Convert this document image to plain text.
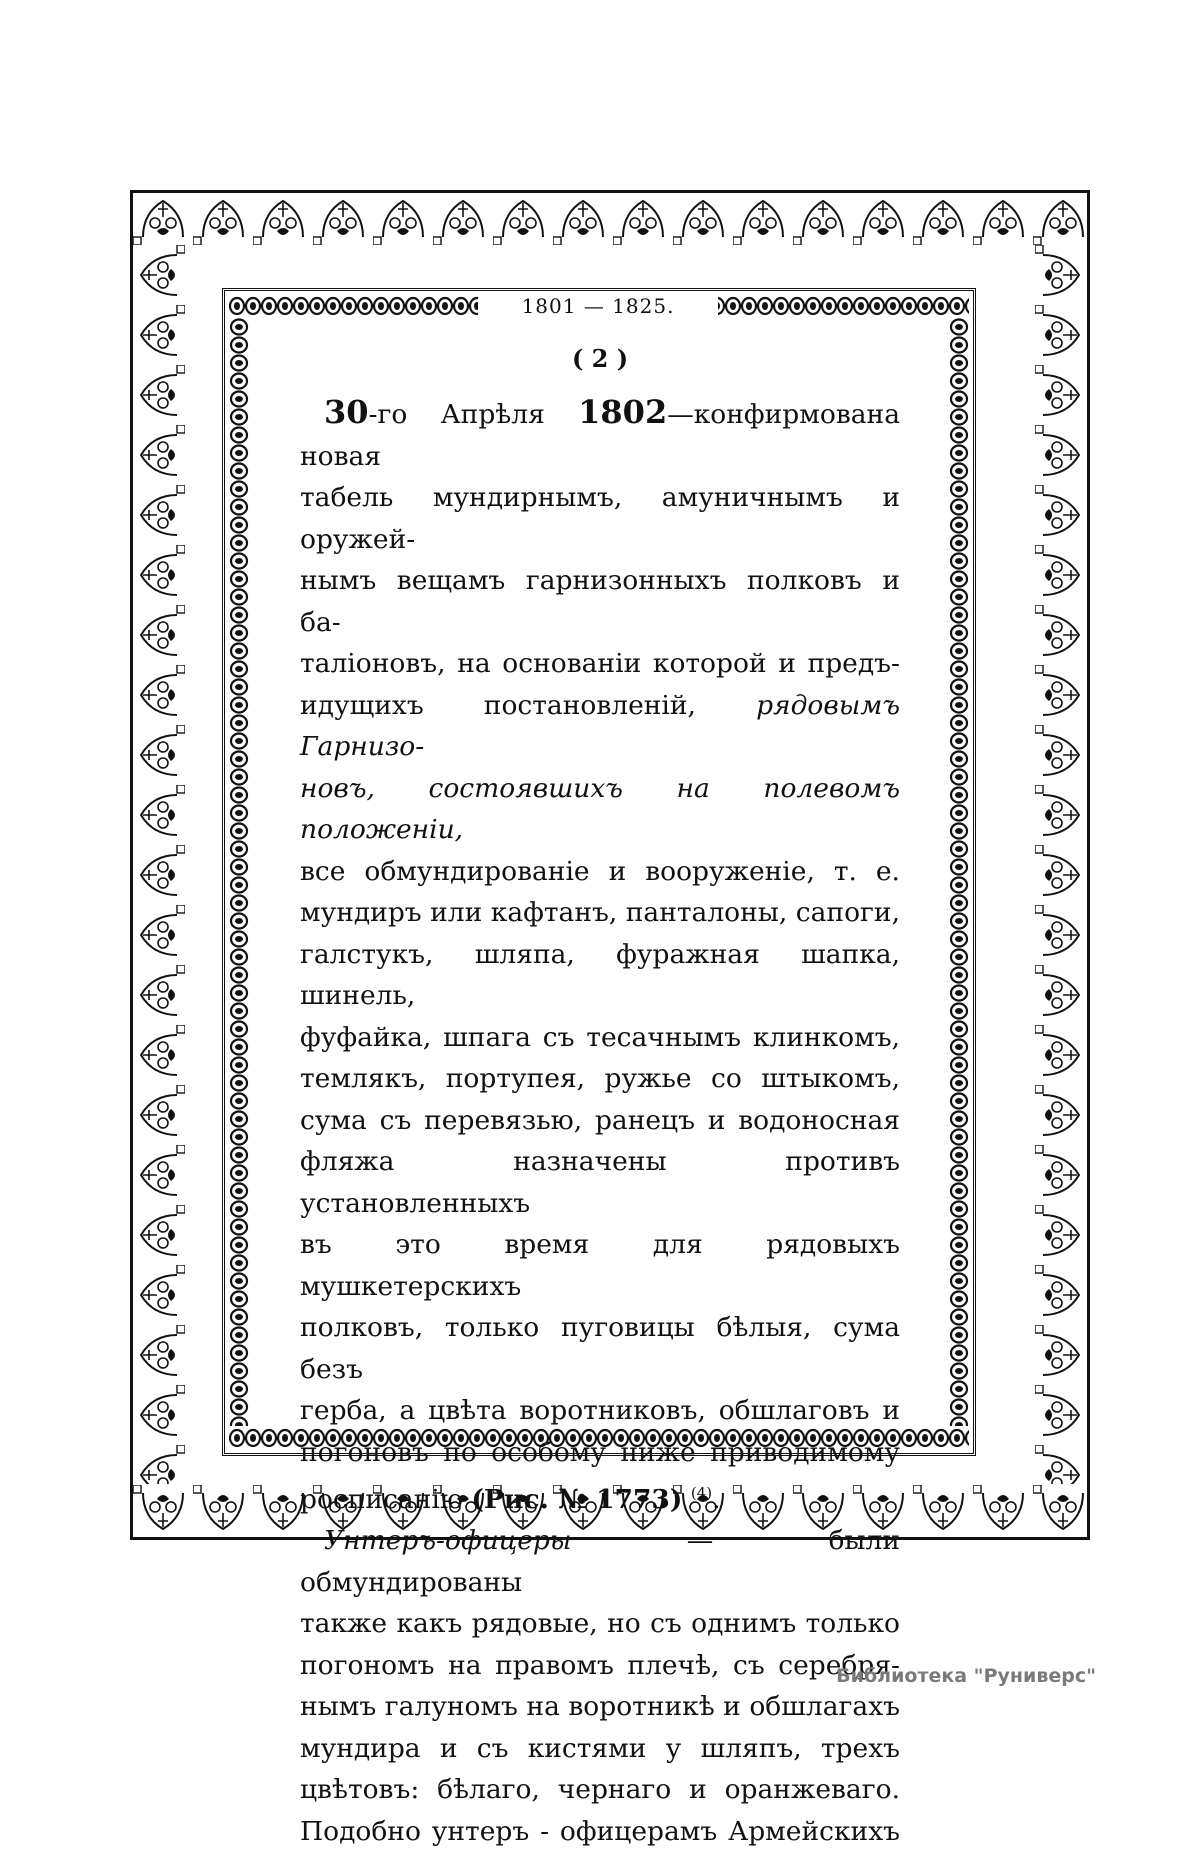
1801 — 1825.
( 2 )

30-го Апрѣля 1802—конфирмована новая

табель мундирнымъ, амуничнымъ и оружей-

нымъ вещамъ гарнизонныхъ полковъ и ба-

таліоновъ, на основаніи которой и предъ-

идущихъ постановленій, рядовымъ Гарнизо-

новъ, состоявшихъ на полевомъ положеніи,

все обмундированіе и вооруженіе, т. е.

мундиръ или кафтанъ, панталоны, сапоги,

галстукъ, шляпа, фуражная шапка, шинель,

фуфайка, шпага съ тесачнымъ клинкомъ,

темлякъ, портупея, ружье со штыкомъ,

сума съ перевязью, ранецъ и водоносная

фляжа назначены противъ установленныхъ

въ это время для рядовыхъ мушкетерскихъ

полковъ, только пуговицы бѣлыя, сума безъ

герба, а цвѣта воротниковъ, обшлаговъ и

погоновъ по особому ниже приводимому

росписанію (Рис. № 1773) $^{(4)}$.

Унтеръ-офицеры — были обмундированы

также какъ рядовые, но съ однимъ только

погономъ на правомъ плечѣ, съ серебря-

нымъ галуномъ на воротникѣ и обшлагахъ

мундира и съ кистями у шляпъ, трехъ

цвѣтовъ: бѣлаго, чернаго и оранжеваго.

Подобно унтеръ - офицерамъ Армейскихъ

Библиотека "Руниверс"
